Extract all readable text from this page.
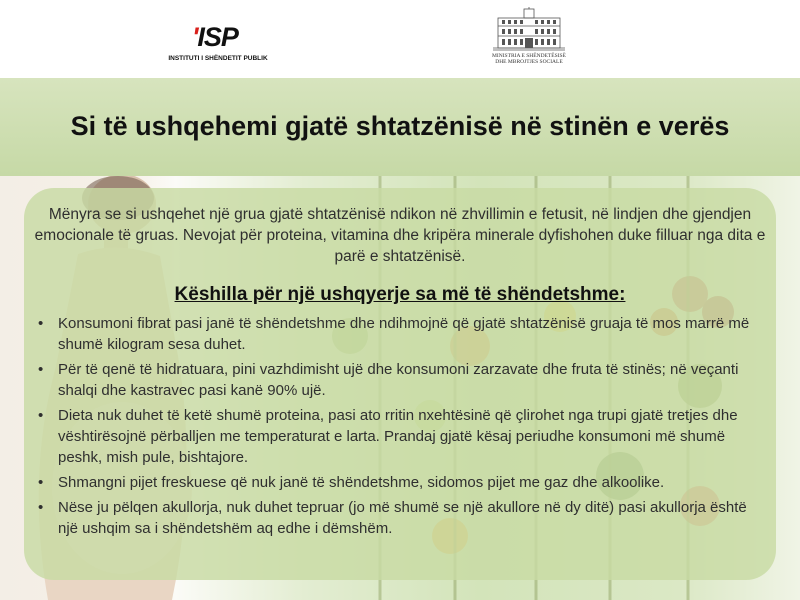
'ISP
INSTITUTI I SHËNDETIT PUBLIK	MINISTRIA E SHËNDETËSISË
DHE MBROJTJES SOCIALE
Si të ushqehemi gjatë shtatzënisë në stinën e verës

Mënyra se si ushqehet një grua gjatë shtatzënisë ndikon në zhvillimin e fetusit, në lindjen dhe gjendjen emocionale të gruas. Nevojat për proteina, vitamina dhe kripëra minerale dyfishohen duke filluar nga dita e parë e shtatzënisë.

Këshilla për një ushqyerje sa më të shëndetshme:
• Konsumoni fibrat pasi janë të shëndetshme dhe ndihmojnë që gjatë shtatzënisë gruaja të mos marrë më shumë kilogram sesa duhet.
• Për të qenë të hidratuara, pini vazhdimisht ujë dhe konsumoni zarzavate dhe fruta të stinës; në veçanti shalqi dhe kastravec pasi kanë 90% ujë.
• Dieta nuk duhet të ketë shumë proteina, pasi ato rritin nxehtësinë që çlirohet nga trupi gjatë tretjes dhe vështirësojnë përballjen me temperaturat e larta. Prandaj gjatë kësaj periudhe konsumoni më shumë peshk, mish pule, bishtajore.
• Shmangni pijet freskuese që nuk janë të shëndetshme, sidomos pijet me gaz dhe alkoolike.
• Nëse ju pëlqen akullorja, nuk duhet tepruar (jo më shumë se një akullore në dy ditë) pasi akullorja është një ushqim sa i shëndetshëm aq edhe i dëmshëm.
